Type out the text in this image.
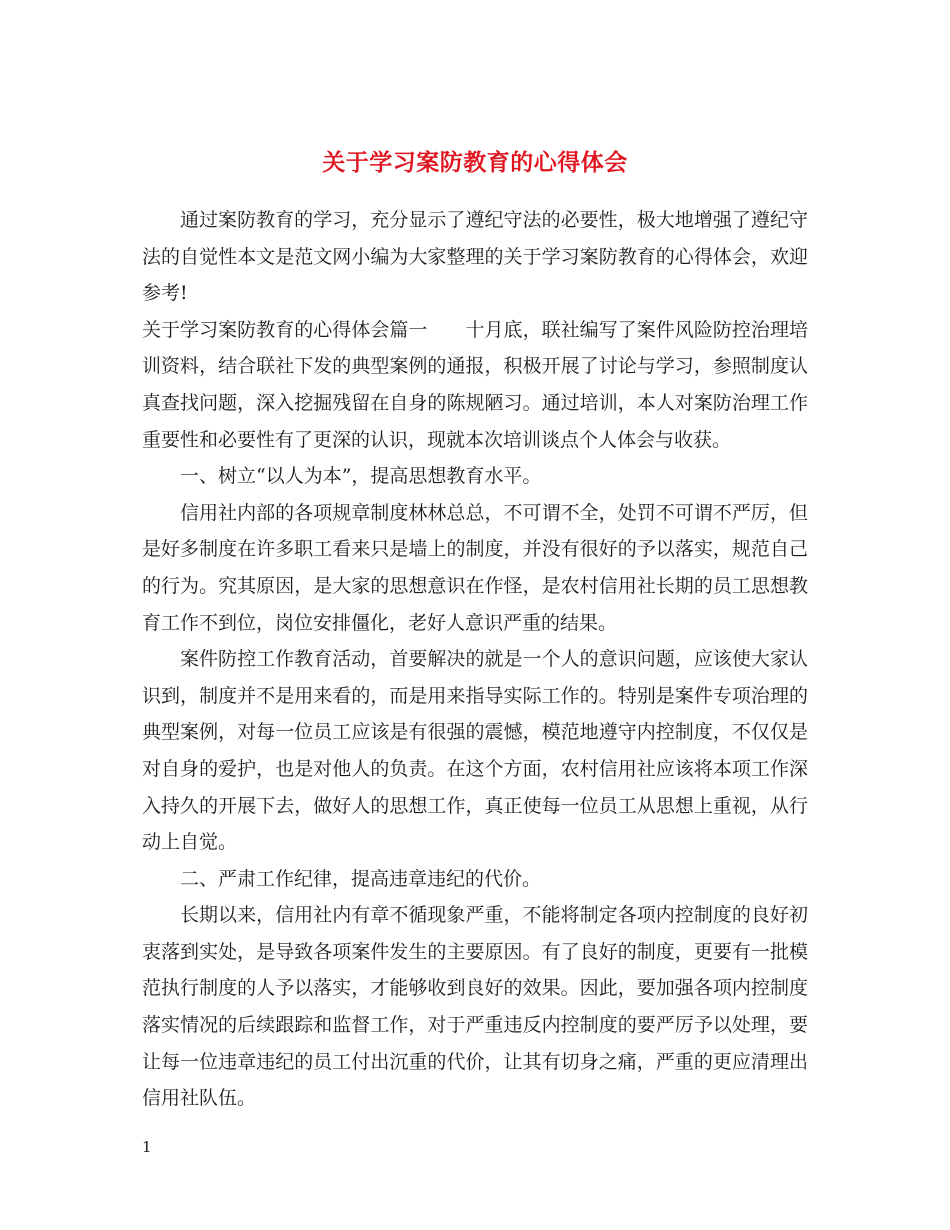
关于学习案防教育的心得体会

通过案防教育的学习，充分显示了遵纪守法的必要性，极大地增强了遵纪守法的自觉性本文是范文网小编为大家整理的关于学习案防教育的心得体会，欢迎参考!

关于学习案防教育的心得体会篇一　　十月底，联社编写了案件风险防控治理培训资料，结合联社下发的典型案例的通报，积极开展了讨论与学习，参照制度认真查找问题，深入挖掘残留在自身的陈规陋习。通过培训，本人对案防治理工作重要性和必要性有了更深的认识，现就本次培训谈点个人体会与收获。

一、树立“以人为本”，提高思想教育水平。

信用社内部的各项规章制度林林总总，不可谓不全，处罚不可谓不严厉，但是好多制度在许多职工看来只是墙上的制度，并没有很好的予以落实，规范自己的行为。究其原因，是大家的思想意识在作怪，是农村信用社长期的员工思想教育工作不到位，岗位安排僵化，老好人意识严重的结果。

案件防控工作教育活动，首要解决的就是一个人的意识问题，应该使大家认识到，制度并不是用来看的，而是用来指导实际工作的。特别是案件专项治理的典型案例，对每一位员工应该是有很强的震憾，模范地遵守内控制度，不仅仅是对自身的爱护，也是对他人的负责。在这个方面，农村信用社应该将本项工作深入持久的开展下去，做好人的思想工作，真正使每一位员工从思想上重视，从行动上自觉。

二、严肃工作纪律，提高违章违纪的代价。

长期以来，信用社内有章不循现象严重，不能将制定各项内控制度的良好初衷落到实处，是导致各项案件发生的主要原因。有了良好的制度，更要有一批模范执行制度的人予以落实，才能够收到良好的效果。因此，要加强各项内控制度落实情况的后续跟踪和监督工作，对于严重违反内控制度的要严厉予以处理，要让每一位违章违纪的员工付出沉重的代价，让其有切身之痛，严重的更应清理出信用社队伍。

1
